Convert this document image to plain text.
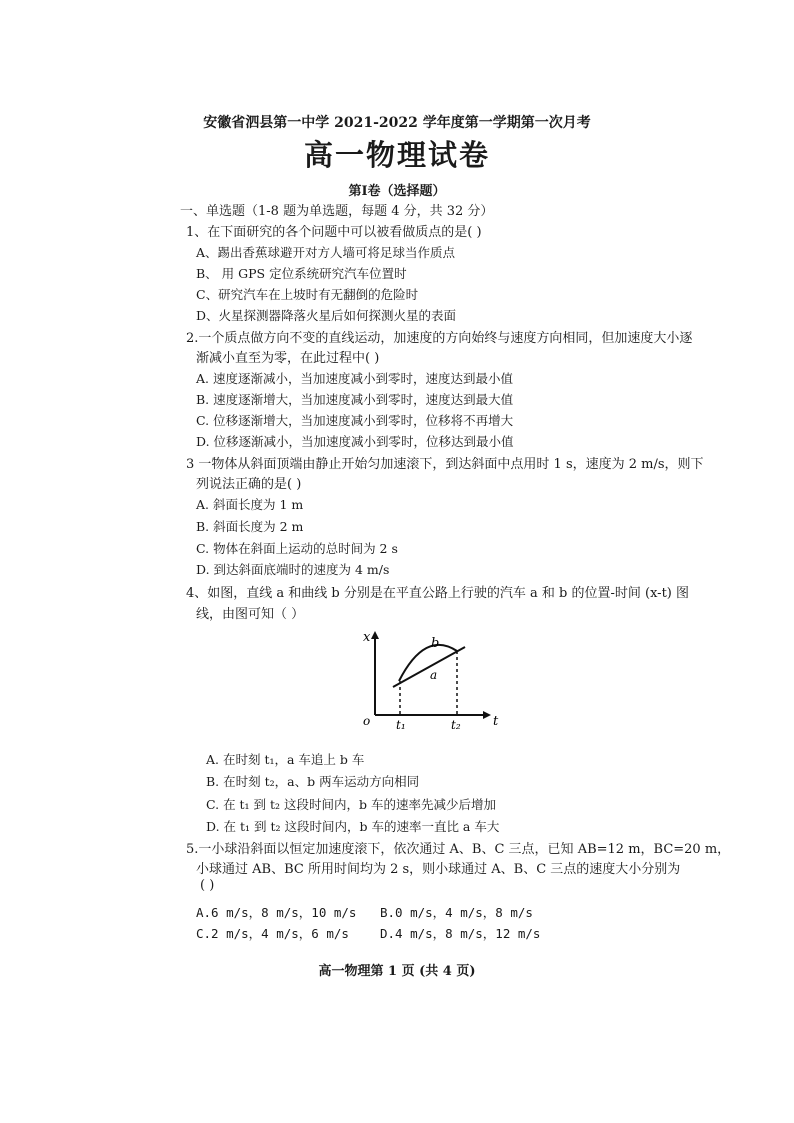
安徽省泗县第一中学 2021-2022 学年度第一学期第一次月考
高一物理试卷
第Ⅰ卷（选择题）
一、单选题（1-8 题为单选题，每题 4 分，共 32 分）
1、在下面研究的各个问题中可以被看做质点的是( )
A、踢出香蕉球避开对方人墙可将足球当作质点
B、 用 GPS 定位系统研究汽车位置时
C、研究汽车在上坡时有无翻倒的危险时
D、火星探测器降落火星后如何探测火星的表面
2.一个质点做方向不变的直线运动，加速度的方向始终与速度方向相同，但加速度大小逐
渐减小直至为零，在此过程中( )
A. 速度逐渐减小，当加速度减小到零时，速度达到最小值
B. 速度逐渐增大，当加速度减小到零时，速度达到最大值
C. 位移逐渐增大，当加速度减小到零时，位移将不再增大
D. 位移逐渐减小，当加速度减小到零时，位移达到最小值
3 一物体从斜面顶端由静止开始匀加速滚下，到达斜面中点用时 1 s，速度为 2 m/s，则下
列说法正确的是( )
A. 斜面长度为 1 m
B. 斜面长度为 2 m
C. 物体在斜面上运动的总时间为 2 s
D. 到达斜面底端时的速度为 4 m/s
4、如图，直线 a 和曲线 b 分别是在平直公路上行驶的汽车 a 和 b 的位置-时间 (x-t) 图
线，由图可知（ ）
x
t
o t₁	t₂
a
b
A. 在时刻 t₁，a 车追上 b 车
B. 在时刻 t₂，a、b 两车运动方向相同
C. 在 t₁ 到 t₂ 这段时间内，b 车的速率先减少后增加
D. 在 t₁ 到 t₂ 这段时间内，b 车的速率一直比 a 车大
5.一小球沿斜面以恒定加速度滚下，依次通过 A、B、C 三点，已知 AB=12 m，BC=20 m，
小球通过 AB、BC 所用时间均为 2 s，则小球通过 A、B、C 三点的速度大小分别为
( )
A.6 m/s，8 m/s，10 m/s B.0 m/s，4 m/s，8 m/s
C.2 m/s，4 m/s，6 m/s D.4 m/s，8 m/s，12 m/s
高一物理第 1 页 (共 4 页)
